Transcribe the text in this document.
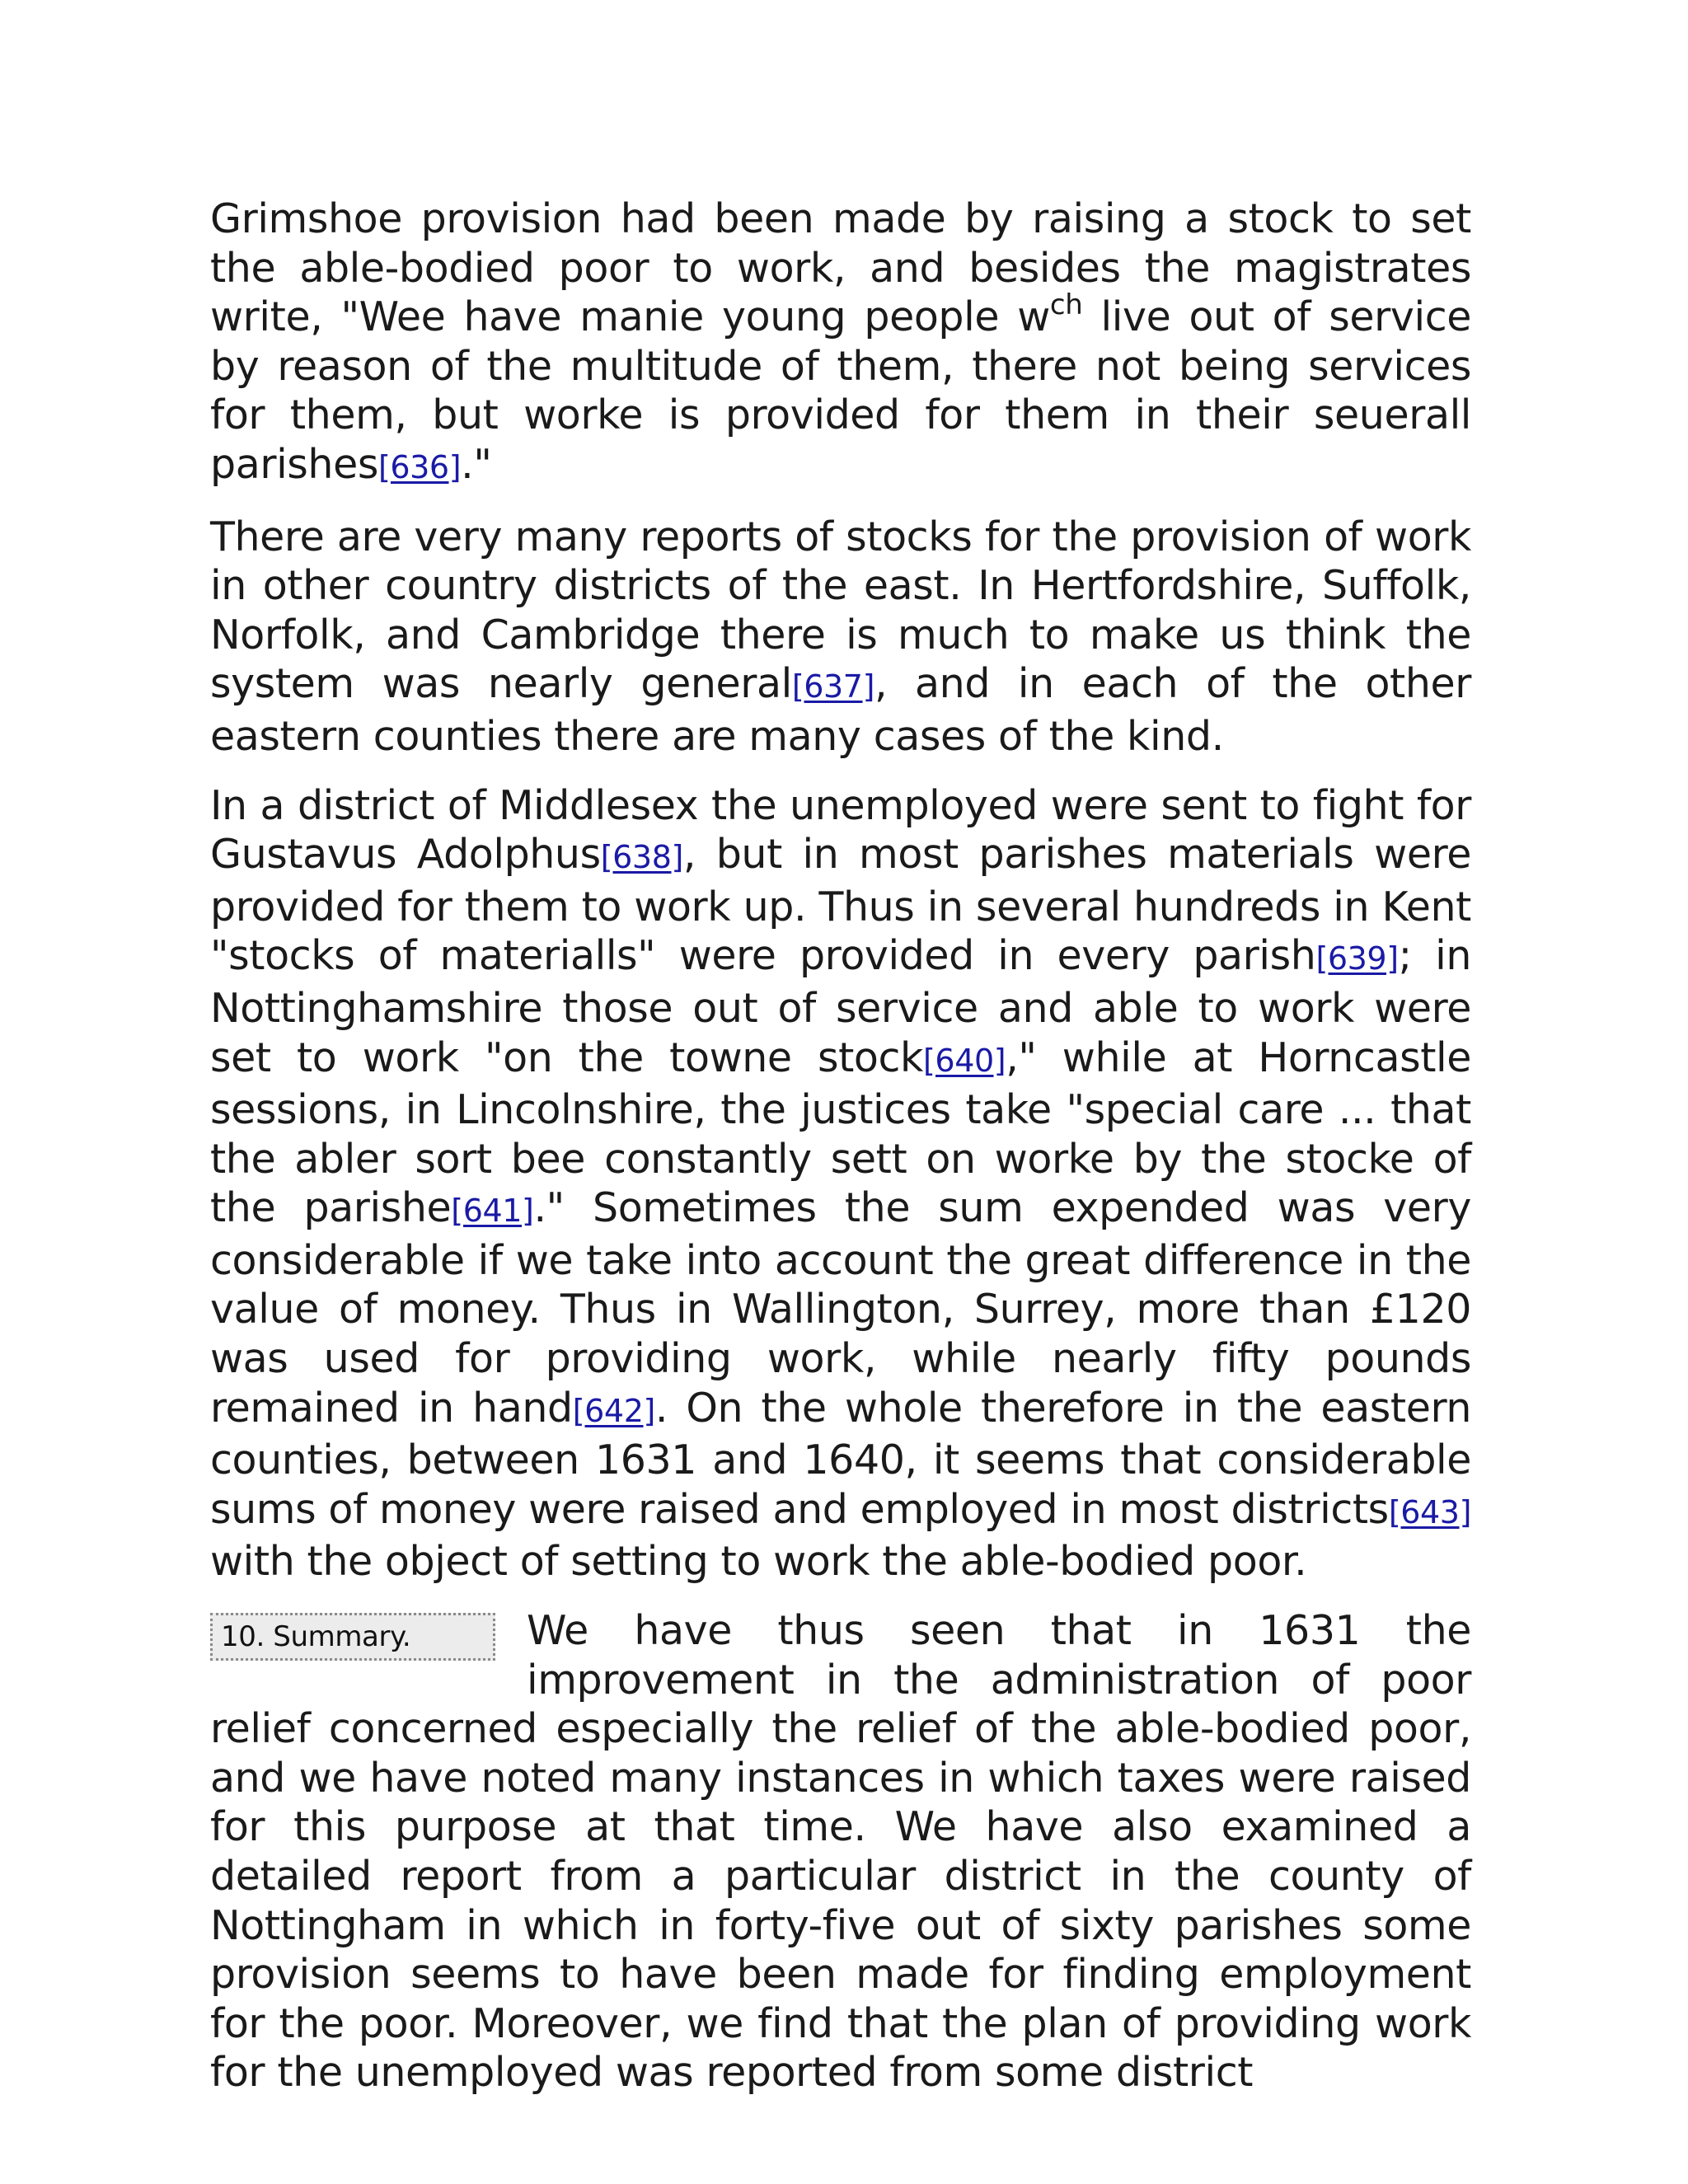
Grimshoe provision had been made by raising a stock to set the able-bodied poor to work, and besides the magistrates write, "Wee have manie young people $w^{ch}$ live out of service by reason of the multitude of them, there not being services for them, but worke is provided for them in their seuerall parishes[636]."

There are very many reports of stocks for the provision of work in other country districts of the east. In Hertfordshire, Suffolk, Norfolk, and Cambridge there is much to make us think the system was nearly general[637], and in each of the other eastern counties there are many cases of the kind.

In a district of Middlesex the unemployed were sent to fight for Gustavus Adolphus[638], but in most parishes materials were provided for them to work up. Thus in several hundreds in Kent "stocks of materialls" were provided in every parish[639]; in Nottinghamshire those out of service and able to work were set to work "on the towne stock[640]," while at Horncastle sessions, in Lincolnshire, the justices take "special care ... that the abler sort bee constantly sett on worke by the stocke of the parishe[641]." Sometimes the sum expended was very considerable if we take into account the great difference in the value of money. Thus in Wallington, Surrey, more than £120 was used for providing work, while nearly fifty pounds remained in hand[642]. On the whole therefore in the eastern counties, between 1631 and 1640, it seems that considerable sums of money were raised and employed in most districts[643] with the object of setting to work the able-bodied poor.

10. Summary.	We have thus seen that in 1631 the improvement in the administration of poor relief concerned especially the relief of the able-bodied poor, and we have noted many instances in which taxes were raised for this purpose at that time. We have also examined a detailed report from a particular district in the county of Nottingham in which in forty-five out of sixty parishes some provision seems to have been made for finding employment for the poor. Moreover, we find that the plan of providing work for the unemployed was reported from some district
